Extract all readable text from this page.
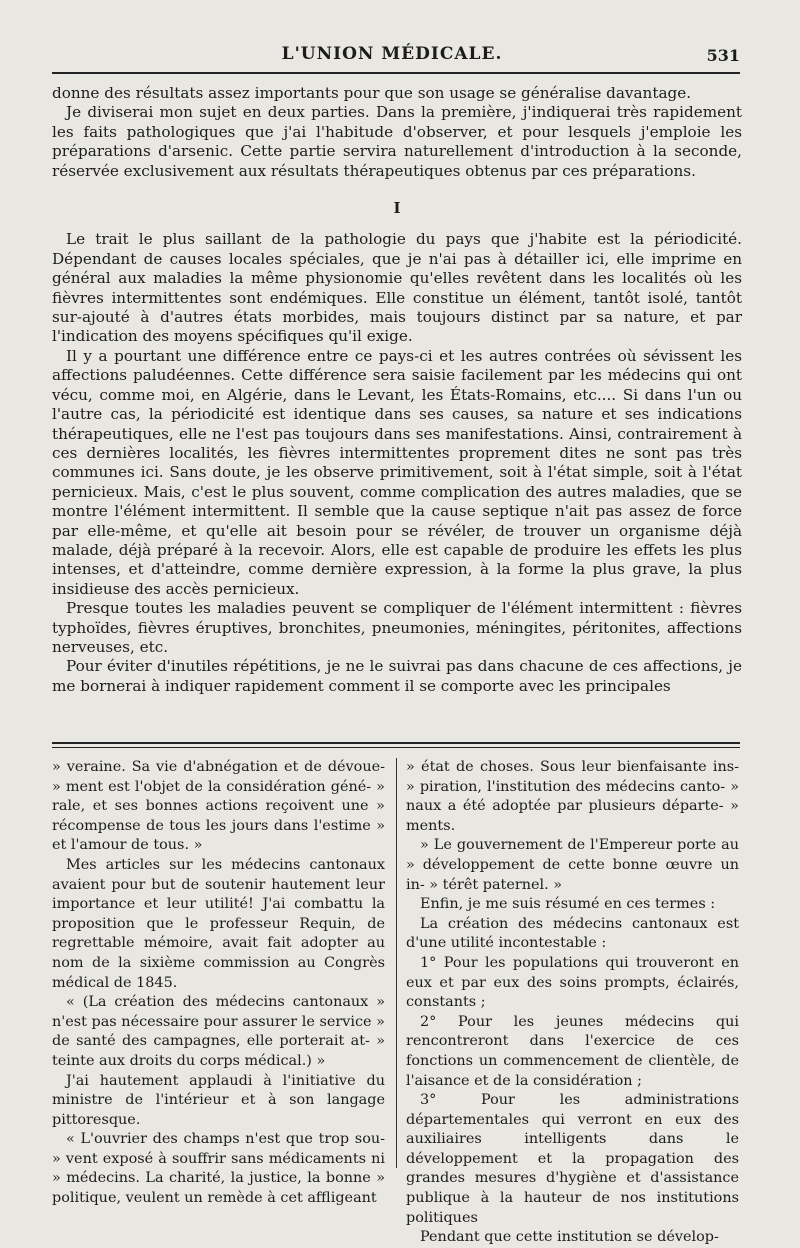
L'UNION MÉDICALE.	531

donne des résultats assez importants pour que son usage se généralise davantage.

Je diviserai mon sujet en deux parties. Dans la première, j'indiquerai très rapidement les faits pathologiques que j'ai l'habitude d'observer, et pour lesquels j'emploie les préparations d'arsenic. Cette partie servira naturellement d'introduction à la seconde, réservée exclusivement aux résultats thérapeutiques obtenus par ces préparations.

I

Le trait le plus saillant de la pathologie du pays que j'habite est la périodicité. Dépendant de causes locales spéciales, que je n'ai pas à détailler ici, elle imprime en général aux maladies la même physionomie qu'elles revêtent dans les localités où les fièvres intermittentes sont endémiques. Elle constitue un élément, tantôt isolé, tantôt sur-ajouté à d'autres états morbides, mais toujours distinct par sa nature, et par l'indication des moyens spécifiques qu'il exige.

Il y a pourtant une différence entre ce pays-ci et les autres contrées où sévissent les affections paludéennes. Cette différence sera saisie facilement par les médecins qui ont vécu, comme moi, en Algérie, dans le Levant, les États-Romains, etc.... Si dans l'un ou l'autre cas, la périodicité est identique dans ses causes, sa nature et ses indications thérapeutiques, elle ne l'est pas toujours dans ses manifestations. Ainsi, contrairement à ces dernières localités, les fièvres intermittentes proprement dites ne sont pas très communes ici. Sans doute, je les observe primitivement, soit à l'état simple, soit à l'état pernicieux. Mais, c'est le plus souvent, comme complication des autres maladies, que se montre l'élément intermittent. Il semble que la cause septique n'ait pas assez de force par elle-même, et qu'elle ait besoin pour se révéler, de trouver un organisme déjà malade, déjà préparé à la recevoir. Alors, elle est capable de produire les effets les plus intenses, et d'atteindre, comme dernière expression, à la forme la plus grave, la plus insidieuse des accès pernicieux.

Presque toutes les maladies peuvent se compliquer de l'élément intermittent : fièvres typhoïdes, fièvres éruptives, bronchites, pneumonies, méningites, péritonites, affections nerveuses, etc.

Pour éviter d'inutiles répétitions, je ne le suivrai pas dans chacune de ces affections, je me bornerai à indiquer rapidement comment il se comporte avec les principales

» veraine. Sa vie d'abnégation et de dévoue- » ment est l'objet de la considération géné- » rale, et ses bonnes actions reçoivent une » récompense de tous les jours dans l'estime » et l'amour de tous. »

Mes articles sur les médecins cantonaux avaient pour but de soutenir hautement leur importance et leur utilité! J'ai combattu la proposition que le professeur Requin, de regrettable mémoire, avait fait adopter au nom de la sixième commission au Congrès médical de 1845.

« (La création des médecins cantonaux » n'est pas nécessaire pour assurer le service » de santé des campagnes, elle porterait at- » teinte aux droits du corps médical.) »

J'ai hautement applaudi à l'initiative du ministre de l'intérieur et à son langage pittoresque.

« L'ouvrier des champs n'est que trop sou- » vent exposé à souffrir sans médicaments ni » médecins. La charité, la justice, la bonne » politique, veulent un remède à cet affligeant

» état de choses. Sous leur bienfaisante ins- » piration, l'institution des médecins canto- » naux a été adoptée par plusieurs départe- » ments.

» Le gouvernement de l'Empereur porte au » développement de cette bonne œuvre un in- » térêt paternel. »

Enfin, je me suis résumé en ces termes :

La création des médecins cantonaux est d'une utilité incontestable :

1° Pour les populations qui trouveront en eux et par eux des soins prompts, éclairés, constants ;

2° Pour les jeunes médecins qui rencontreront dans l'exercice de ces fonctions un commencement de clientèle, de l'aisance et de la considération ;

3° Pour les administrations départementales qui verront en eux des auxiliaires intelligents dans le développement et la propagation des grandes mesures d'hygiène et d'assistance publique à la hauteur de nos institutions politiques

Pendant que cette institution se dévelop-
